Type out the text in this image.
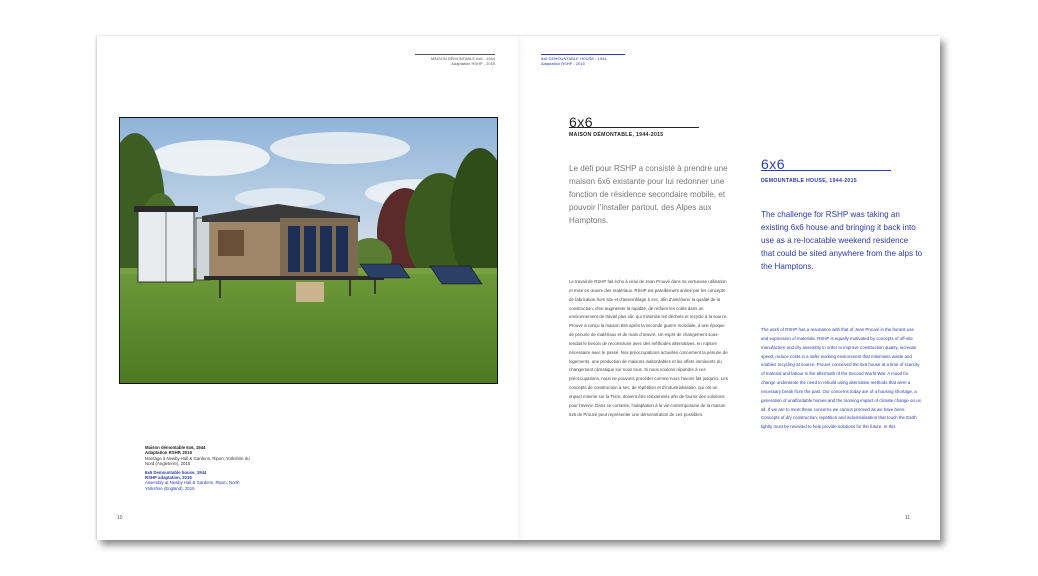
MAISON DÉMONTABLE 6x6 - 1944
Adaptation RSHP - 2015
6x6 DEMOUNTABLE HOUSE - 1944
Adaptation RSHP - 2015
Maison démontable 6x6, 1944
Adaptation RSHP, 2015
Montage à Newby Hall & Gardens, Ripon, Yorkshire du Nord (Angleterre), 2015
6x6 Demountable house, 1944
RSHP adaptation, 2015
Assembly at Newby Hall & Gardens, Ripon, North Yorkshire (England), 2015
10	11
6x6
MAISON DÉMONTABLE, 1944-2015
Le défi pour RSHP a consisté à prendre une maison 6x6 existante pour lui redonner une fonction de résidence secondaire mobile, et pouvoir l’installer partout, des Alpes aux Hamptons.
Le travail de RSHP fait écho à celui de Jean Prouvé dans sa vertueuse utilisation et mise en œuvre des matériaux. RSHP est pareillement animé par les concepts de fabrication hors site et d’assemblage à sec, afin d’améliorer la qualité de la construction, d’en augmenter la rapidité, de réduire les coûts dans un environnement de travail plus sûr, qui minimise les déchets et recycle à la source. Prouvé a conçu la maison 6x6 après la seconde guerre mondiale, à une époque de pénurie de matériaux et de main d’œuvre. Un esprit de changement sous-tendait le besoin de reconstruire avec des méthodes alternatives, en rupture nécessaire avec le passé. Nos préoccupations actuelles concernent la pénurie de logements, une production de maisons inabordables et les effets imminents du changement climatique sur nous tous. Si nous voulons répondre à ces préoccupations, nous ne pouvons procéder comme nous l’avons fait jusqu’ici. Les concepts de construction à sec, de répétition et d’industrialisation, qui ont un impact minime sur la Terre, doivent être réexaminés afin de fournir des solutions pour l’avenir. Dans ce contexte, l’adaptation à la vie contemporaine de la maison 6x6 de Prouvé peut représenter une démonstration de ces possibles.
6x6
DEMOUNTABLE HOUSE, 1944-2015
The challenge for RSHP was taking an existing 6x6 house and bringing it back into use as a re-locatable weekend residence that could be sited anywhere from the alps to the Hamptons.
The work of RSHP has a resonance with that of Jean Prouvé in the honest use and expression of materials. RSHP is equally motivated by concepts of off-site manufacture and dry assembly in order to improve construction quality, increase speed, reduce costs in a safer working environment that minimises waste and enables recycling at source. Prouvé conceived the 6x6 house at a time of scarcity of material and labour in the aftermath of the Second World War. A mood for change underwrote the need to rebuild using alternative methods that were a necessary break from the past. Our concerns today are of a housing shortage, a generation of unaffordable homes and the looming impact of climate change on us all. If we are to meet these concerns we cannot proceed as we have been. Concepts of dry construction, repetition and industrialisation that touch the Earth lightly must be revisited to help provide solutions for the future. In this
